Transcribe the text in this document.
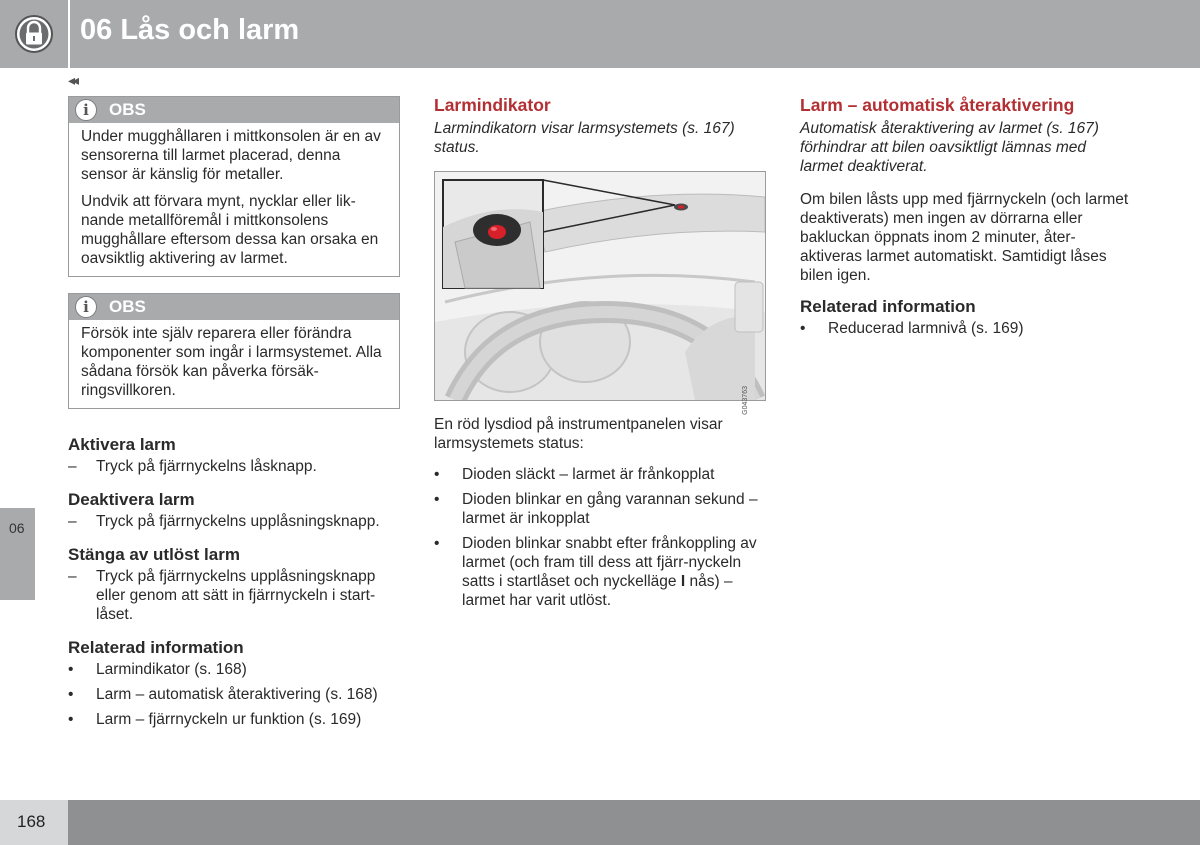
06 Lås och larm
◂◂
06
i	OBS

Under mugghållaren i mittkonsolen är en av sensorerna till larmet placerad, denna sensor är känslig för metaller.

Undvik att förvara mynt, nycklar eller lik-nande metallföremål i mittkonsolens mugghållare eftersom dessa kan orsaka en oavsiktlig aktivering av larmet.

i	OBS

Försök inte själv reparera eller förändra komponenter som ingår i larmsystemet. Alla sådana försök kan påverka försäk-ringsvillkoren.

Aktivera larm
– Tryck på fjärrnyckelns låsknapp.
Deaktivera larm
– Tryck på fjärrnyckelns upplåsningsknapp.
Stänga av utlöst larm
– Tryck på fjärrnyckelns upplåsningsknapp eller genom att sätt in fjärrnyckeln i start-låset.
Relaterad information
• Larmindikator (s. 168)
• Larm – automatisk återaktivering (s. 168)
• Larm – fjärrnyckeln ur funktion (s. 169)
Larmindikator

Larmindikatorn visar larmsystemets (s. 167) status.

G043763

En röd lysdiod på instrumentpanelen visar larmsystemets status:

• Dioden släckt – larmet är frånkopplat
• Dioden blinkar en gång varannan sekund – larmet är inkopplat
• Dioden blinkar snabbt efter frånkoppling av larmet (och fram till dess att fjärr-nyckeln satts i startlåset och nyckelläge I nås) – larmet har varit utlöst.
Larm – automatisk återaktivering

Automatisk återaktivering av larmet (s. 167) förhindrar att bilen oavsiktligt lämnas med larmet deaktiverat.

Om bilen låsts upp med fjärrnyckeln (och larmet deaktiverats) men ingen av dörrarna eller bakluckan öppnats inom 2 minuter, åter-aktiveras larmet automatiskt. Samtidigt låses bilen igen.

Relaterad information
• Reducerad larmnivå (s. 169)
168
